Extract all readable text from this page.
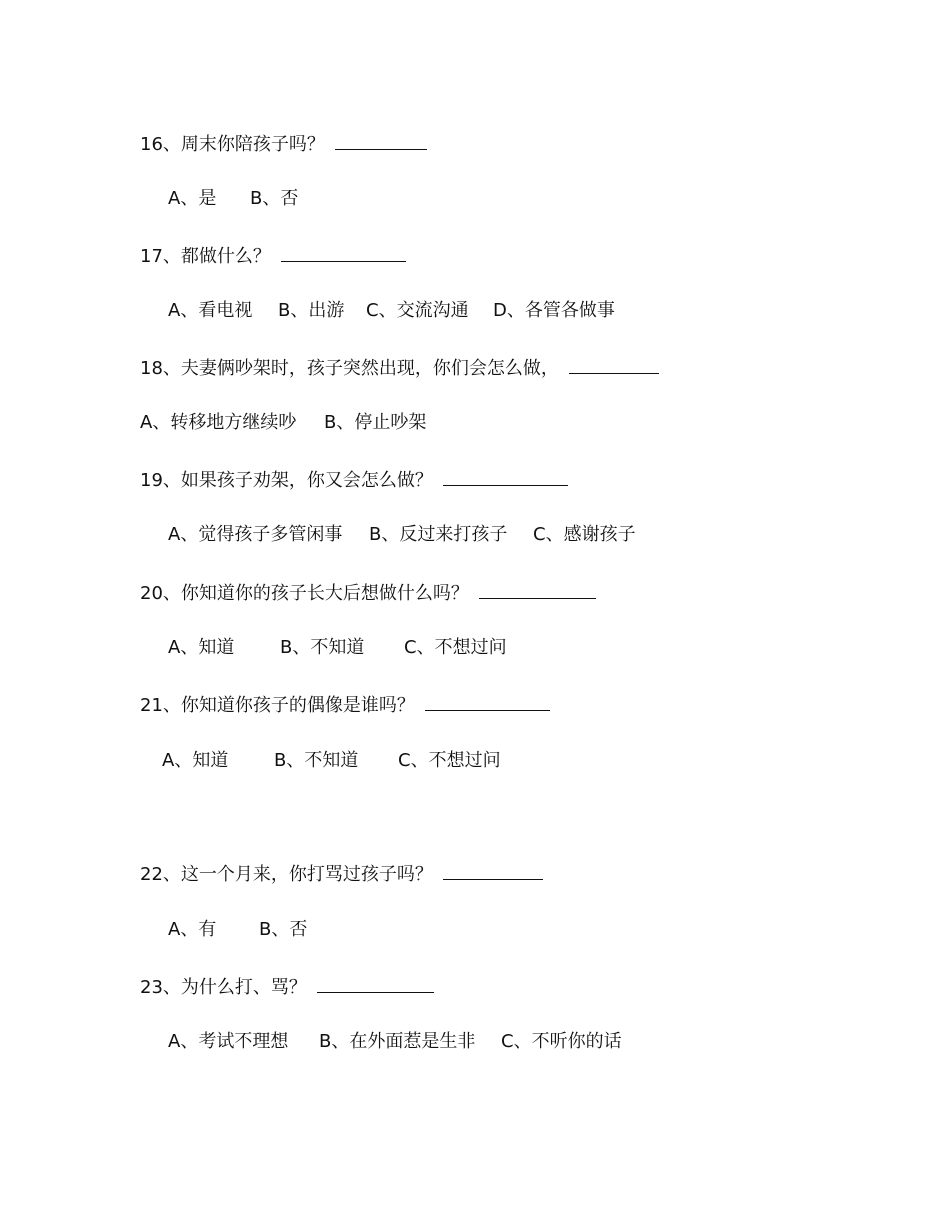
16、周末你陪孩子吗？
A、是 B、否
17、都做什么？
A、看电视 B、出游 C、交流沟通 D、各管各做事
18、夫妻俩吵架时，孩子突然出现，你们会怎么做，
A、转移地方继续吵 B、停止吵架
19、如果孩子劝架，你又会怎么做？
A、觉得孩子多管闲事 B、反过来打孩子 C、感谢孩子
20、你知道你的孩子长大后想做什么吗？
A、知道	B、不知道 C、不想过问
21、你知道你孩子的偶像是谁吗？
A、知道	B、不知道 C、不想过问
22、这一个月来，你打骂过孩子吗？
A、有 B、否
23、为什么打、骂？
A、考试不理想 B、在外面惹是生非 C、不听你的话
